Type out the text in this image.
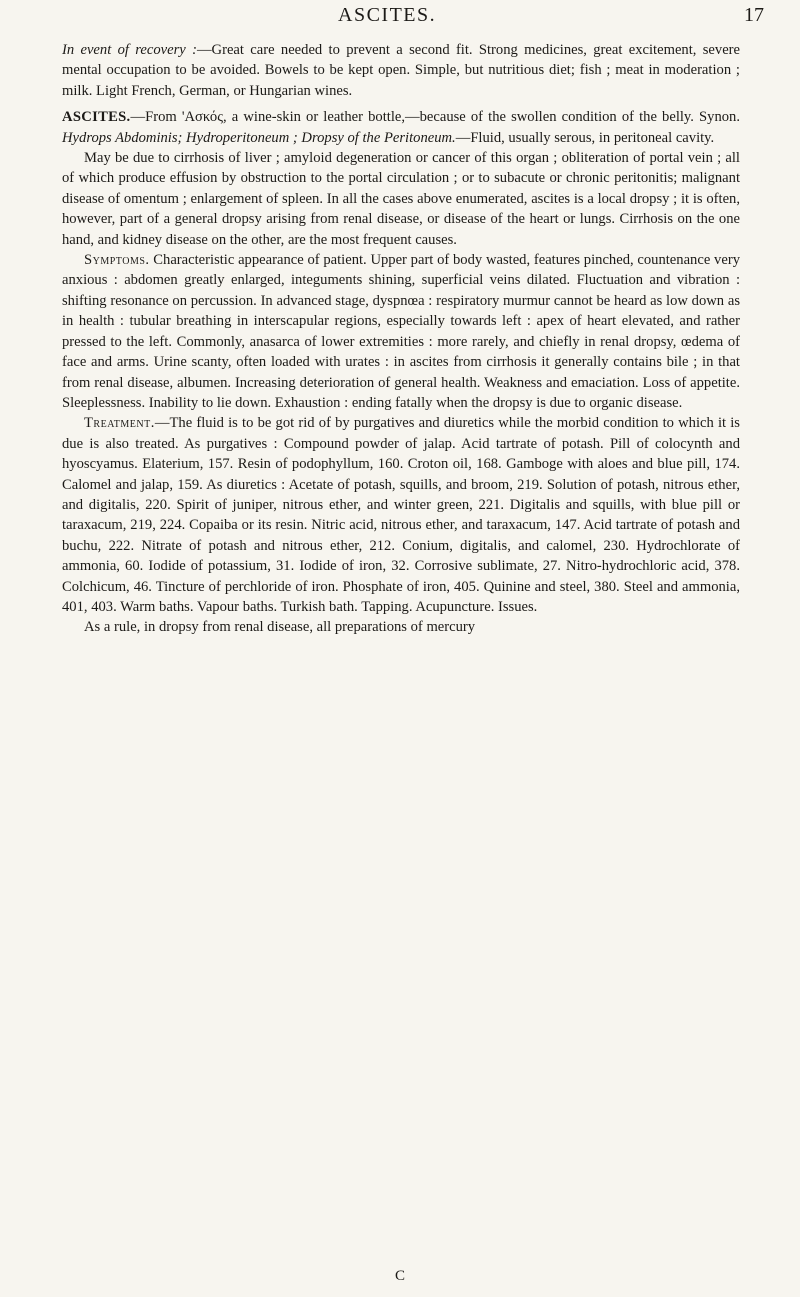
ASCITES.	17

In event of recovery :—Great care needed to prevent a second fit. Strong medicines, great excitement, severe mental occupation to be avoided. Bowels to be kept open. Simple, but nutritious diet; fish ; meat in moderation ; milk. Light French, German, or Hungarian wines.

ASCITES.—From 'Ασκός, a wine-skin or leather bottle,—because of the swollen condition of the belly. Synon. Hydrops Abdominis; Hydroperitoneum ; Dropsy of the Peritoneum.—Fluid, usually serous, in peritoneal cavity.

May be due to cirrhosis of liver ; amyloid degeneration or cancer of this organ ; obliteration of portal vein ; all of which produce effusion by obstruction to the portal circulation ; or to subacute or chronic peritonitis; malignant disease of omentum ; enlargement of spleen. In all the cases above enumerated, ascites is a local dropsy ; it is often, however, part of a general dropsy arising from renal disease, or disease of the heart or lungs. Cirrhosis on the one hand, and kidney disease on the other, are the most frequent causes.

Symptoms. Characteristic appearance of patient. Upper part of body wasted, features pinched, countenance very anxious : abdomen greatly enlarged, integuments shining, superficial veins dilated. Fluctuation and vibration : shifting resonance on percussion. In advanced stage, dyspnœa : respiratory murmur cannot be heard as low down as in health : tubular breathing in interscapular regions, especially towards left : apex of heart elevated, and rather pressed to the left. Commonly, anasarca of lower extremities : more rarely, and chiefly in renal dropsy, œdema of face and arms. Urine scanty, often loaded with urates : in ascites from cirrhosis it generally contains bile ; in that from renal disease, albumen. Increasing deterioration of general health. Weakness and emaciation. Loss of appetite. Sleeplessness. Inability to lie down. Exhaustion : ending fatally when the dropsy is due to organic disease.

Treatment.—The fluid is to be got rid of by purgatives and diuretics while the morbid condition to which it is due is also treated. As purgatives : Compound powder of jalap. Acid tartrate of potash. Pill of colocynth and hyoscyamus. Elaterium, 157. Resin of podophyllum, 160. Croton oil, 168. Gamboge with aloes and blue pill, 174. Calomel and jalap, 159. As diuretics : Acetate of potash, squills, and broom, 219. Solution of potash, nitrous ether, and digitalis, 220. Spirit of juniper, nitrous ether, and winter green, 221. Digitalis and squills, with blue pill or taraxacum, 219, 224. Copaiba or its resin. Nitric acid, nitrous ether, and taraxacum, 147. Acid tartrate of potash and buchu, 222. Nitrate of potash and nitrous ether, 212. Conium, digitalis, and calomel, 230. Hydrochlorate of ammonia, 60. Iodide of potassium, 31. Iodide of iron, 32. Corrosive sublimate, 27. Nitro-hydrochloric acid, 378. Colchicum, 46. Tincture of perchloride of iron. Phosphate of iron, 405. Quinine and steel, 380. Steel and ammonia, 401, 403. Warm baths. Vapour baths. Turkish bath. Tapping. Acupuncture. Issues.

As a rule, in dropsy from renal disease, all preparations of mercury

C
